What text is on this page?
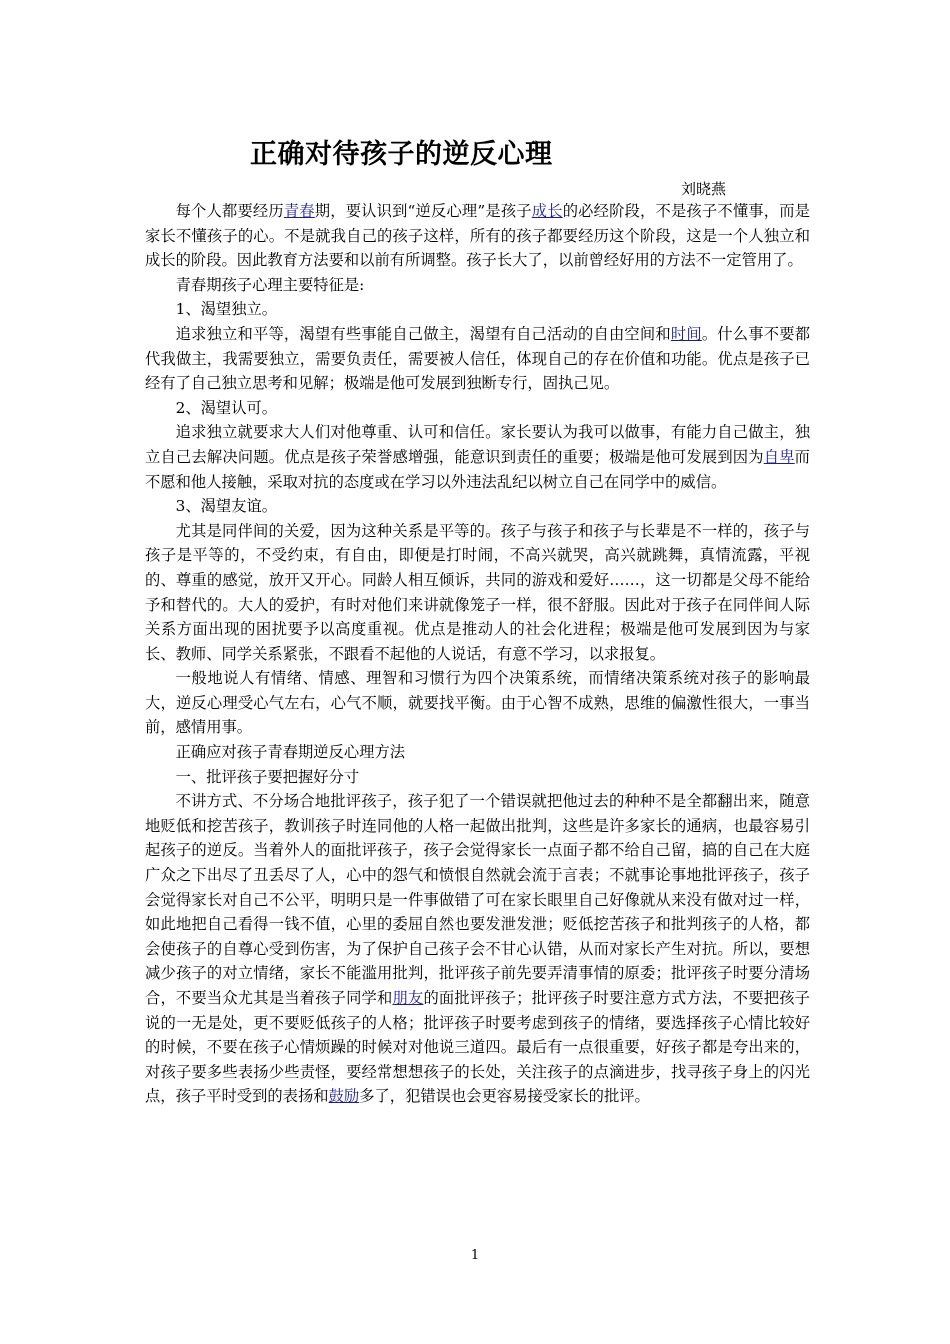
正确对待孩子的逆反心理
刘晓燕

每个人都要经历青春期，要认识到“逆反心理”是孩子成长的必经阶段，不是孩子不懂事，而是家长不懂孩子的心。不是就我自己的孩子这样，所有的孩子都要经历这个阶段，这是一个人独立和成长的阶段。因此教育方法要和以前有所调整。孩子长大了，以前曾经好用的方法不一定管用了。

青春期孩子心理主要特征是:

1、渴望独立。

追求独立和平等，渴望有些事能自己做主，渴望有自己活动的自由空间和时间。什么事不要都代我做主，我需要独立，需要负责任，需要被人信任，体现自己的存在价值和功能。优点是孩子已经有了自己独立思考和见解；极端是他可发展到独断专行，固执己见。

2、渴望认可。

追求独立就要求大人们对他尊重、认可和信任。家长要认为我可以做事，有能力自己做主，独立自己去解决问题。优点是孩子荣誉感增强，能意识到责任的重要；极端是他可发展到因为自卑而不愿和他人接触，采取对抗的态度或在学习以外违法乱纪以树立自己在同学中的威信。

3、渴望友谊。

尤其是同伴间的关爱，因为这种关系是平等的。孩子与孩子和孩子与长辈是不一样的，孩子与孩子是平等的，不受约束，有自由，即便是打时闹，不高兴就哭，高兴就跳舞，真情流露，平视的、尊重的感觉，放开又开心。同龄人相互倾诉，共同的游戏和爱好……，这一切都是父母不能给予和替代的。大人的爱护，有时对他们来讲就像笼子一样，很不舒服。因此对于孩子在同伴间人际关系方面出现的困扰要予以高度重视。优点是推动人的社会化进程；极端是他可发展到因为与家长、教师、同学关系紧张，不跟看不起他的人说话，有意不学习，以求报复。

一般地说人有情绪、情感、理智和习惯行为四个决策系统，而情绪决策系统对孩子的影响最大，逆反心理受心气左右，心气不顺，就要找平衡。由于心智不成熟，思维的偏激性很大，一事当前，感情用事。

正确应对孩子青春期逆反心理方法

一、批评孩子要把握好分寸

不讲方式、不分场合地批评孩子，孩子犯了一个错误就把他过去的种种不是全都翻出来，随意地贬低和挖苦孩子，教训孩子时连同他的人格一起做出批判，这些是许多家长的通病，也最容易引起孩子的逆反。当着外人的面批评孩子，孩子会觉得家长一点面子都不给自己留，搞的自己在大庭广众之下出尽了丑丢尽了人，心中的怨气和愤恨自然就会流于言表；不就事论事地批评孩子，孩子会觉得家长对自己不公平，明明只是一件事做错了可在家长眼里自己好像就从来没有做对过一样，如此地把自己看得一钱不值，心里的委屈自然也要发泄发泄；贬低挖苦孩子和批判孩子的人格，都会使孩子的自尊心受到伤害，为了保护自己孩子会不甘心认错，从而对家长产生对抗。所以，要想减少孩子的对立情绪，家长不能滥用批判，批评孩子前先要弄清事情的原委；批评孩子时要分清场合，不要当众尤其是当着孩子同学和朋友的面批评孩子；批评孩子时要注意方式方法，不要把孩子说的一无是处，更不要贬低孩子的人格；批评孩子时要考虑到孩子的情绪，要选择孩子心情比较好的时候，不要在孩子心情烦躁的时候对对他说三道四。最后有一点很重要，好孩子都是夸出来的，对孩子要多些表扬少些责怪，要经常想想孩子的长处，关注孩子的点滴进步，找寻孩子身上的闪光点，孩子平时受到的表扬和鼓励多了，犯错误也会更容易接受家长的批评。

1
